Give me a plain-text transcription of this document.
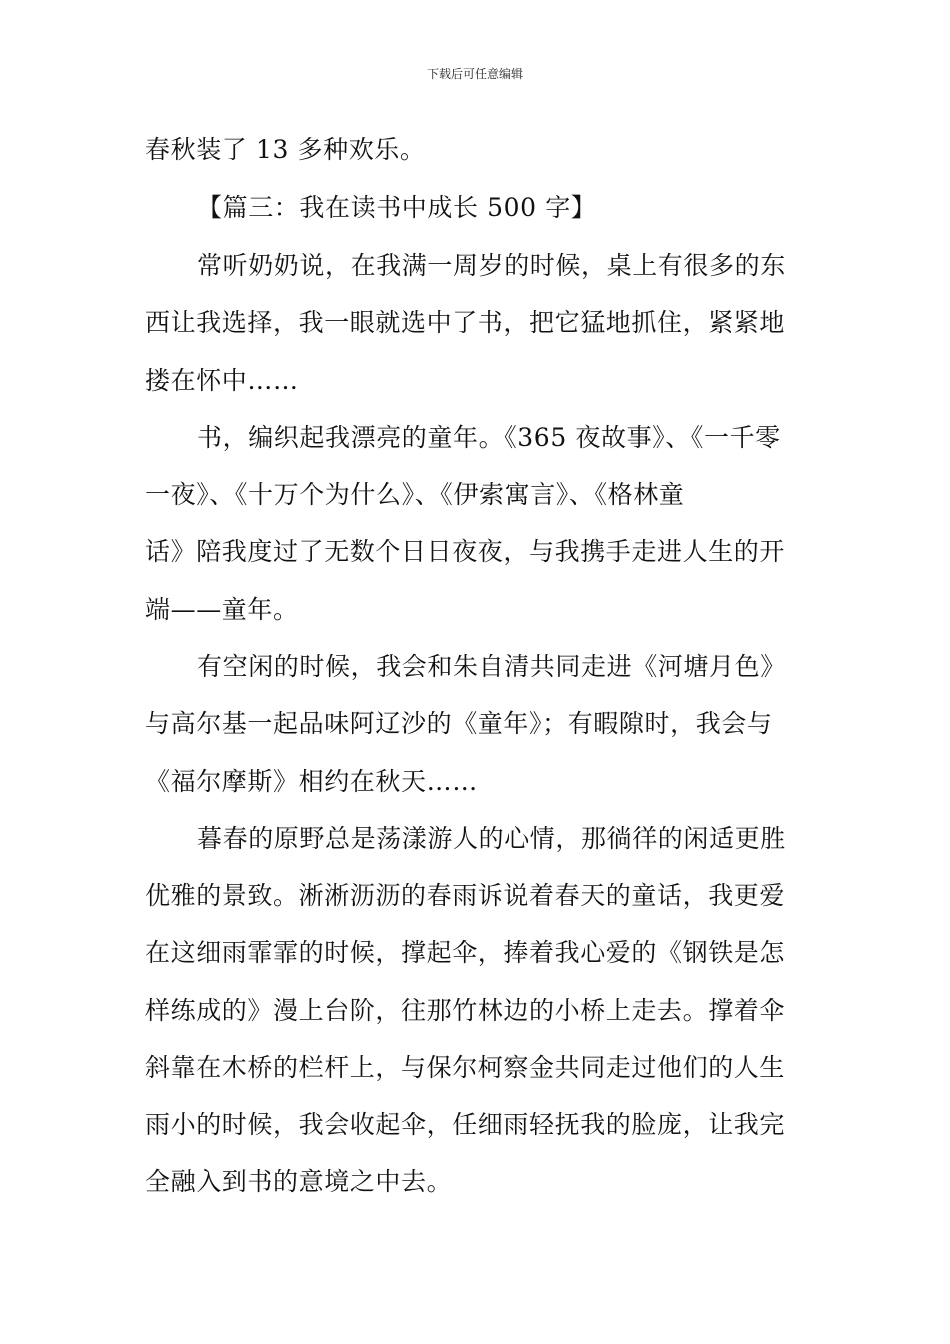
下载后可任意编辑
春秋装了 13 多种欢乐。
【篇三：我在读书中成长 500 字】
常听奶奶说，在我满一周岁的时候，桌上有很多的东
西让我选择，我一眼就选中了书，把它猛地抓住，紧紧地
搂在怀中……
书，编织起我漂亮的童年。《365 夜故事》、《一千零
一夜》、《十万个为什么》、《伊索寓言》、《格林童
话》陪我度过了无数个日日夜夜，与我携手走进人生的开
端——童年。
有空闲的时候，我会和朱自清共同走进《河塘月色》
与高尔基一起品味阿辽沙的《童年》；有暇隙时，我会与
《福尔摩斯》相约在秋天……
暮春的原野总是荡漾游人的心情，那徜徉的闲适更胜
优雅的景致。淅淅沥沥的春雨诉说着春天的童话，我更爱
在这细雨霏霏的时候，撑起伞，捧着我心爱的《钢铁是怎
样练成的》漫上台阶，往那竹林边的小桥上走去。撑着伞
斜靠在木桥的栏杆上，与保尔柯察金共同走过他们的人生
雨小的时候，我会收起伞，任细雨轻抚我的脸庞，让我完
全融入到书的意境之中去。
